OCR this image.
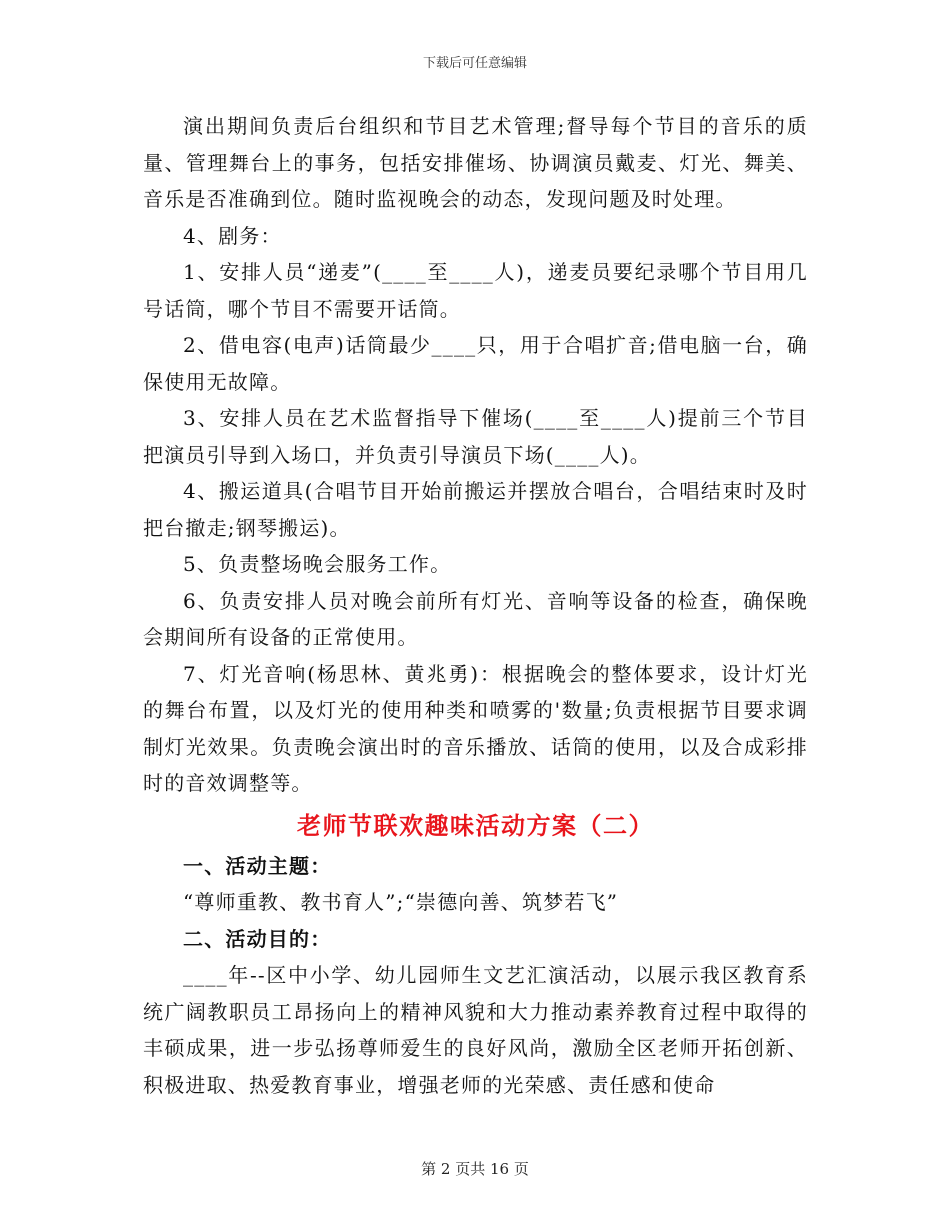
下载后可任意编辑

演出期间负责后台组织和节目艺术管理;督导每个节目的音乐的质量、管理舞台上的事务，包括安排催场、协调演员戴麦、灯光、舞美、音乐是否准确到位。随时监视晚会的动态，发现问题及时处理。

4、剧务：

1、安排人员“递麦”(____至____人)，递麦员要纪录哪个节目用几号话筒，哪个节目不需要开话筒。

2、借电容(电声)话筒最少____只，用于合唱扩音;借电脑一台，确保使用无故障。

3、安排人员在艺术监督指导下催场(____至____人)提前三个节目把演员引导到入场口，并负责引导演员下场(____人)。

4、搬运道具(合唱节目开始前搬运并摆放合唱台，合唱结束时及时把台撤走;钢琴搬运)。

5、负责整场晚会服务工作。

6、负责安排人员对晚会前所有灯光、音响等设备的检查，确保晚会期间所有设备的正常使用。

7、灯光音响(杨思林、黄兆勇)：根据晚会的整体要求，设计灯光的舞台布置，以及灯光的使用种类和喷雾的'数量;负责根据节目要求调制灯光效果。负责晚会演出时的音乐播放、话筒的使用，以及合成彩排时的音效调整等。

老师节联欢趣味活动方案（二）

一、活动主题：

“尊师重教、教书育人”;“崇德向善、筑梦若飞”

二、活动目的：

____年--区中小学、幼儿园师生文艺汇演活动，以展示我区教育系统广阔教职员工昂扬向上的精神风貌和大力推动素养教育过程中取得的丰硕成果，进一步弘扬尊师爱生的良好风尚，激励全区老师开拓创新、积极进取、热爱教育事业，增强老师的光荣感、责任感和使命

第 2 页共 16 页
